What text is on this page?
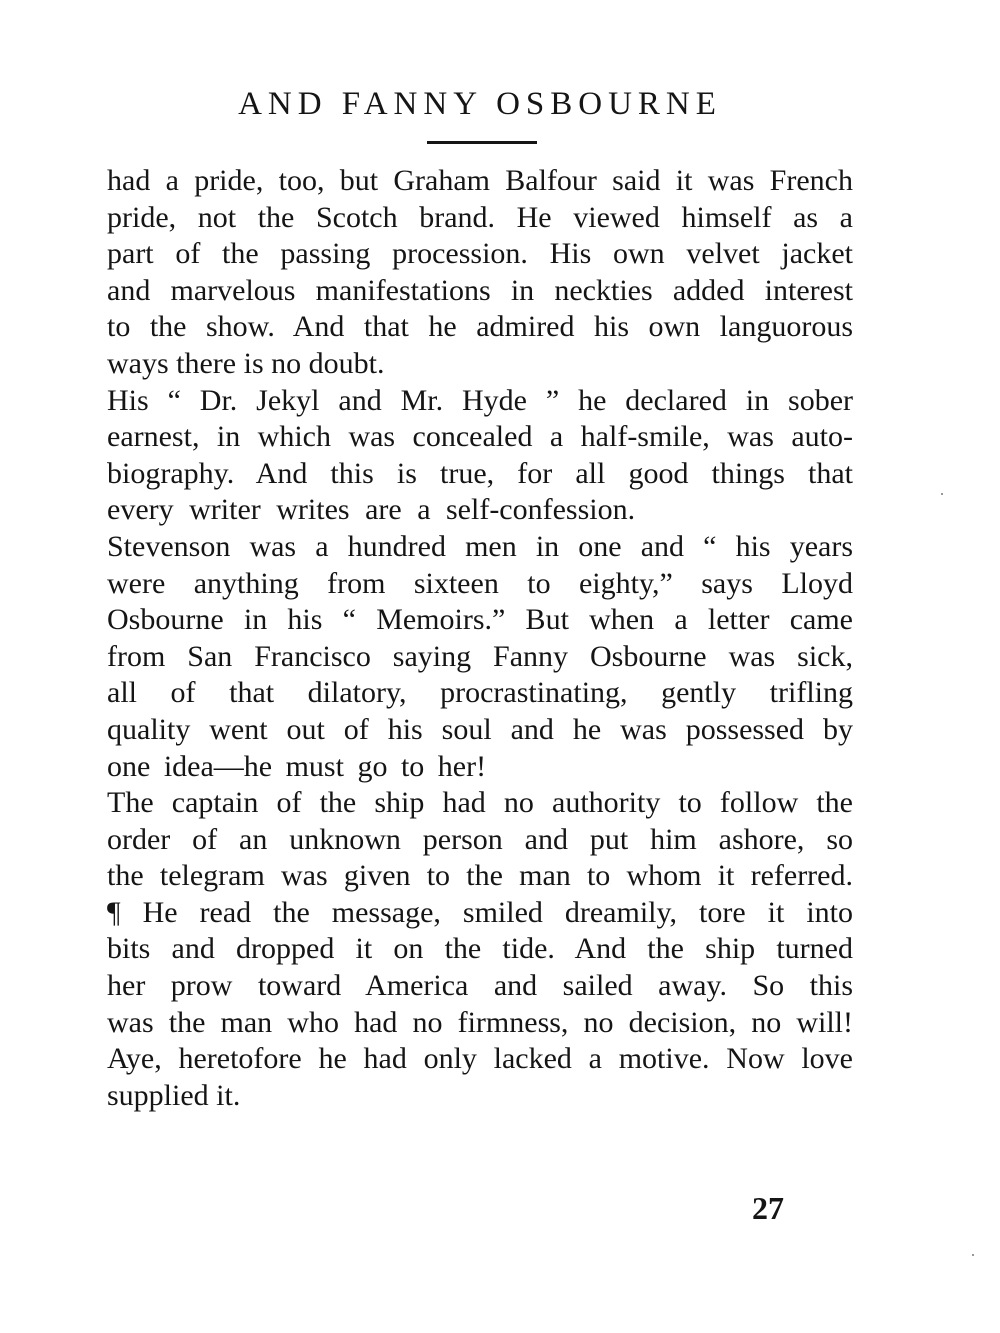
AND FANNY OSBOURNE
had a pride, too, but Graham Balfour said it was French
pride, not the Scotch brand. He viewed himself as a
part of the passing procession. His own velvet jacket
and marvelous manifestations in neckties added interest
to the show. And that he admired his own languorous
ways there is no doubt.
His “ Dr. Jekyl and Mr. Hyde ” he declared in sober
earnest, in which was concealed a half-smile, was auto-
biography. And this is true, for all good things that
every writer writes are a self-confession.
Stevenson was a hundred men in one and “ his years
were anything from sixteen to eighty,” says Lloyd
Osbourne in his “ Memoirs.” But when a letter came
from San Francisco saying Fanny Osbourne was sick,
all of that dilatory, procrastinating, gently trifling
quality went out of his soul and he was possessed by
one idea—he must go to her!
The captain of the ship had no authority to follow the
order of an unknown person and put him ashore, so
the telegram was given to the man to whom it referred.
¶ He read the message, smiled dreamily, tore it into
bits and dropped it on the tide. And the ship turned
her prow toward America and sailed away. So this
was the man who had no firmness, no decision, no will!
Aye, heretofore he had only lacked a motive. Now love
supplied it.
27
